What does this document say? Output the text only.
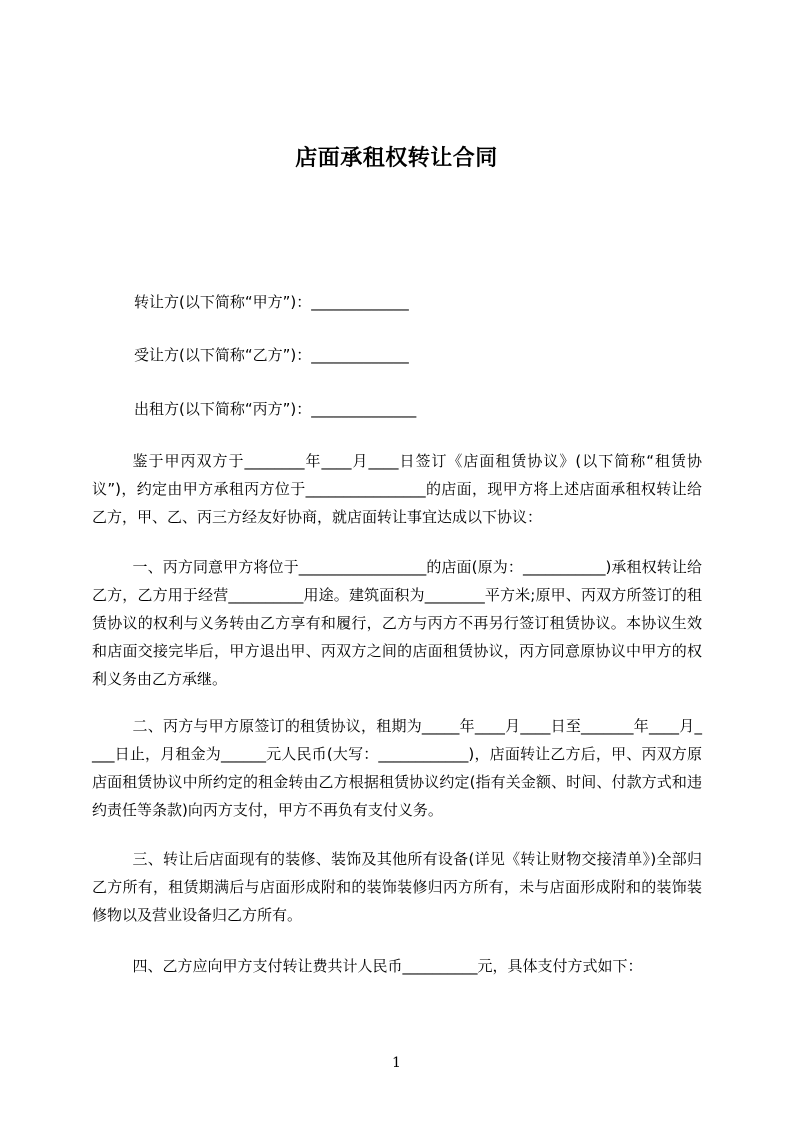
店面承租权转让合同
转让方(以下简称“甲方”)：_____________
受让方(以下简称“乙方”)：_____________
出租方(以下简称“丙方”)：______________
鉴于甲丙双方于________年____月____日签订《店面租赁协议》(以下简称“租赁协议”)，约定由甲方承租丙方位于________________的店面，现甲方将上述店面承租权转让给乙方，甲、乙、丙三方经友好协商，就店面转让事宜达成以下协议：
一、丙方同意甲方将位于_________________的店面(原为：___________)承租权转让给乙方，乙方用于经营__________用途。建筑面积为________平方米;原甲、丙双方所签订的租赁协议的权利与义务转由乙方享有和履行，乙方与丙方不再另行签订租赁协议。本协议生效和店面交接完毕后，甲方退出甲、丙双方之间的店面租赁协议，丙方同意原协议中甲方的权利义务由乙方承继。
二、丙方与甲方原签订的租赁协议，租期为_____年____月____日至_______年____月____日止，月租金为______元人民币(大写：____________)，店面转让乙方后，甲、丙双方原店面租赁协议中所约定的租金转由乙方根据租赁协议约定(指有关金额、时间、付款方式和违约责任等条款)向丙方支付，甲方不再负有支付义务。
三、转让后店面现有的装修、装饰及其他所有设备(详见《转让财物交接清单》)全部归乙方所有，租赁期满后与店面形成附和的装饰装修归丙方所有，未与店面形成附和的装饰装修物以及营业设备归乙方所有。
四、乙方应向甲方支付转让费共计人民币__________元，具体支付方式如下：
1
